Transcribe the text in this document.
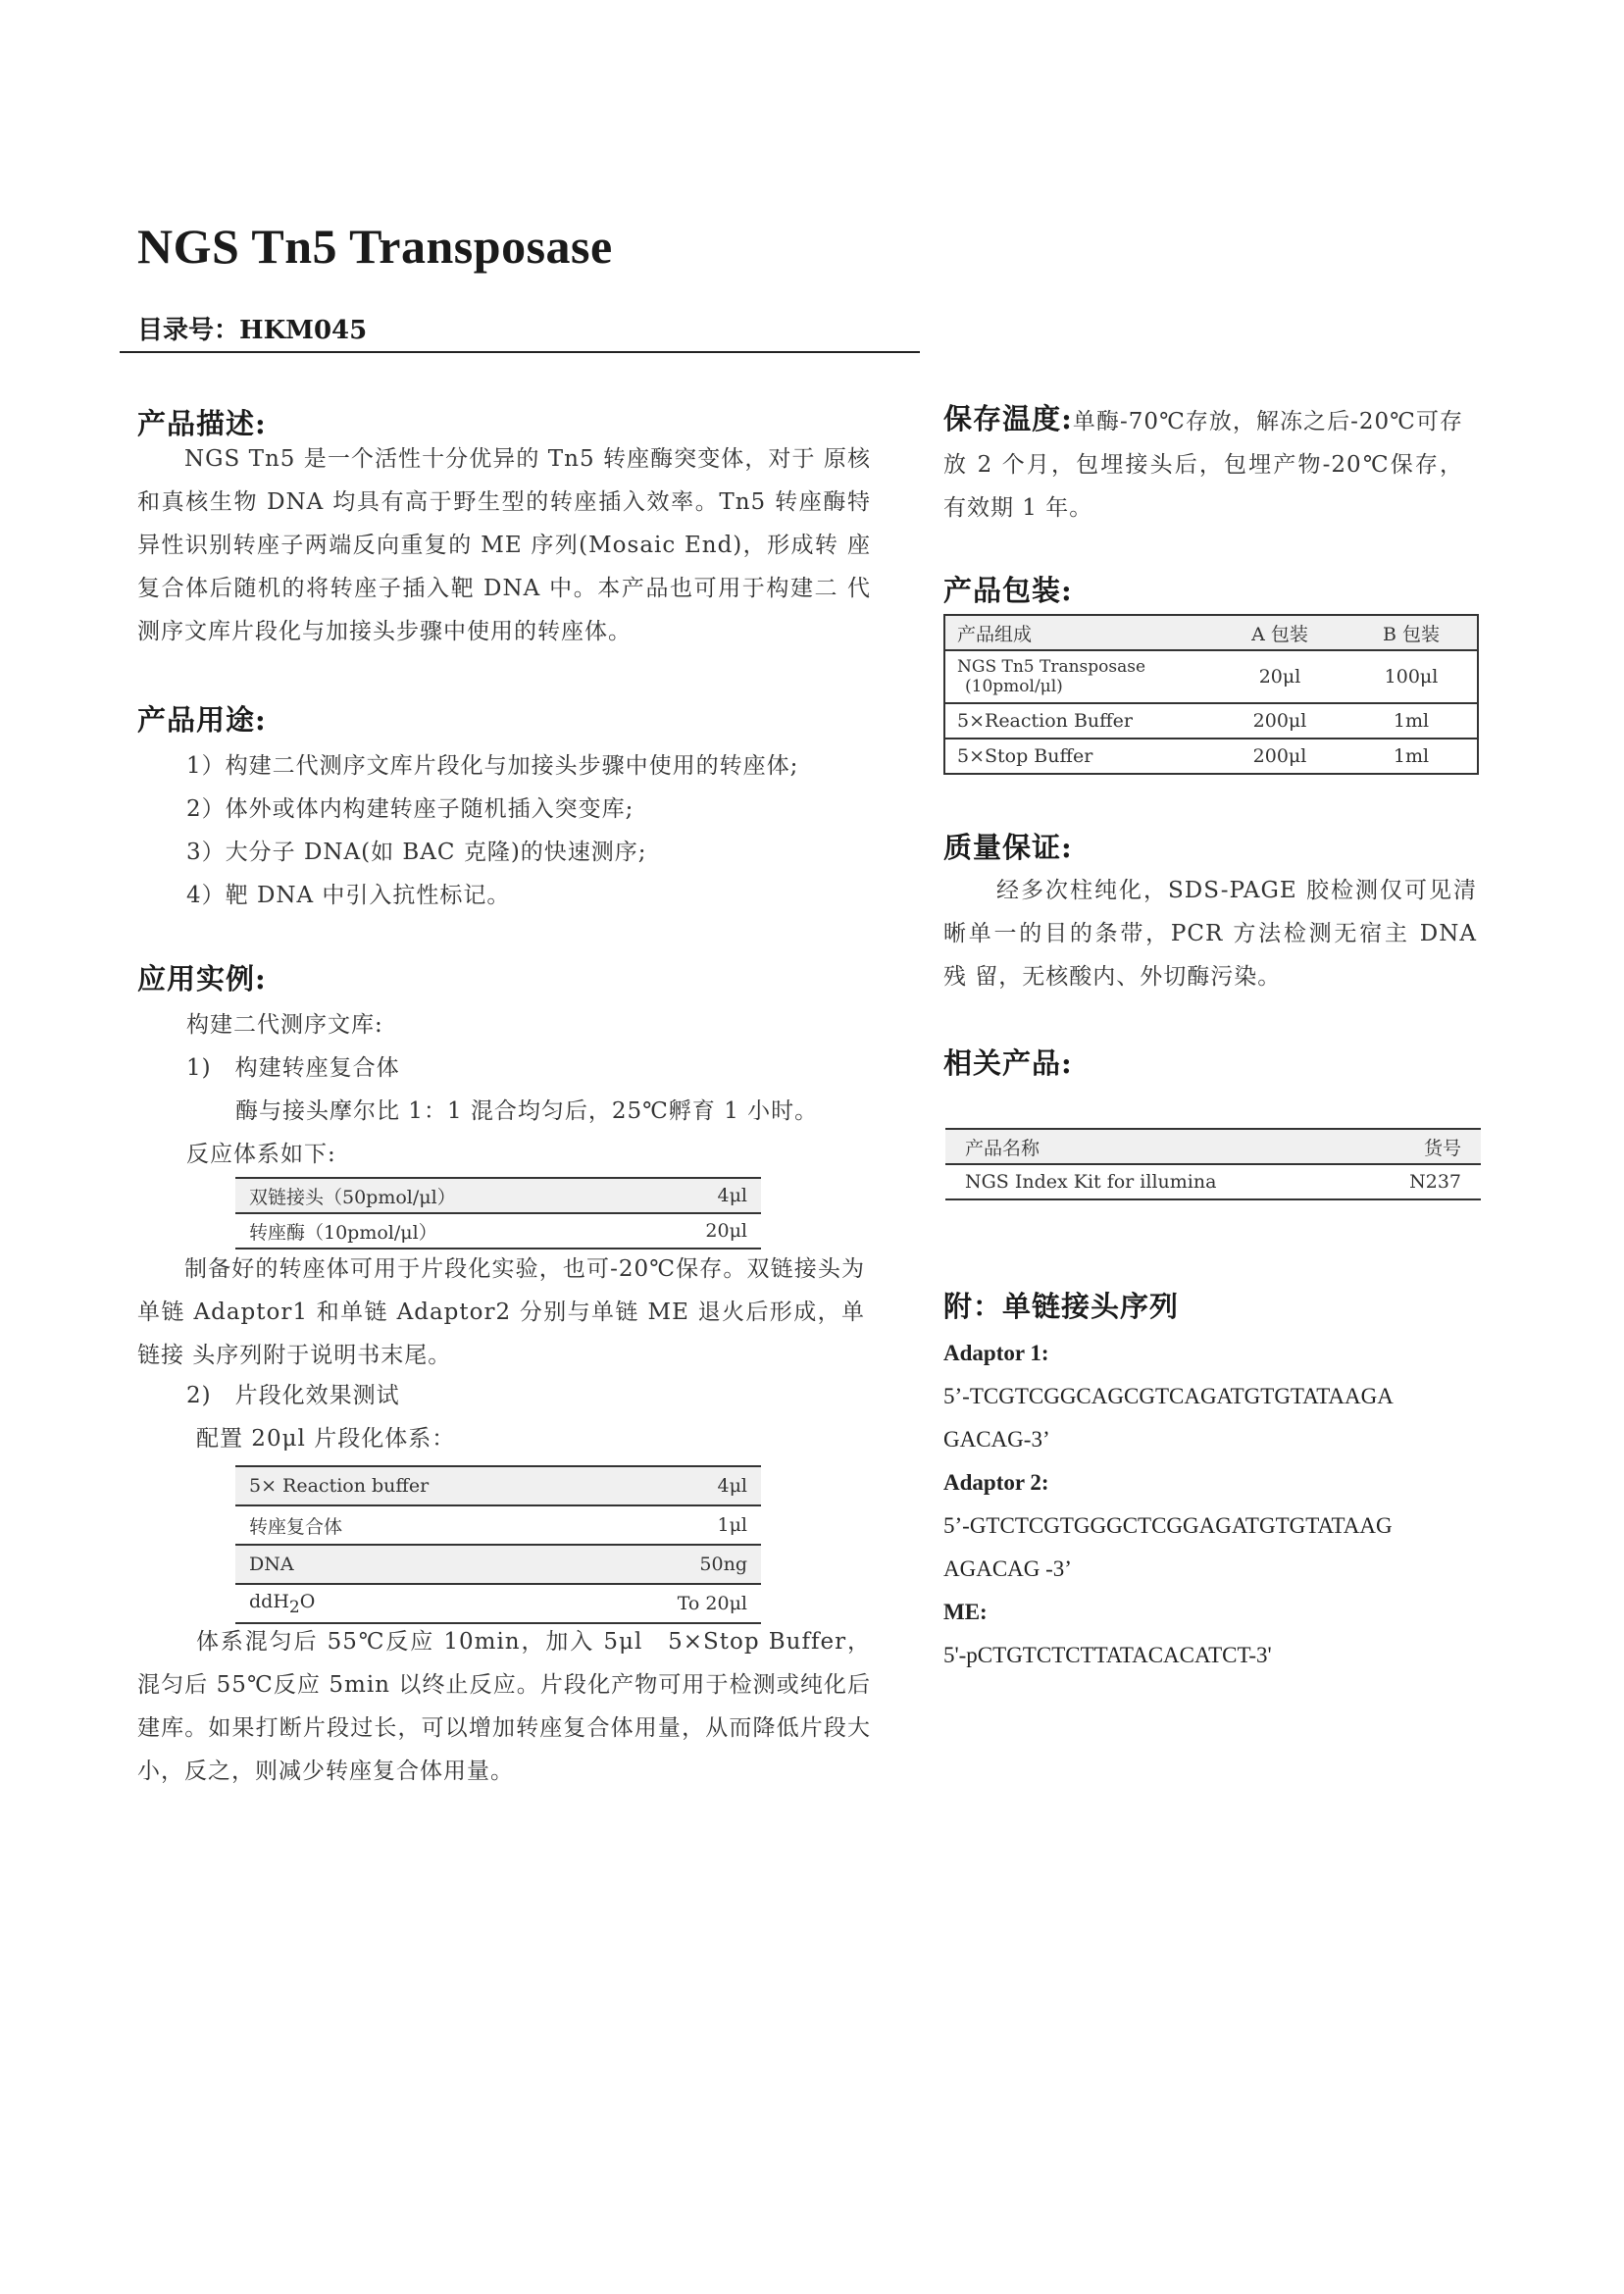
NGS Tn5 Transposase
目录号：HKM045
产品描述:
NGS Tn5 是一个活性十分优异的 Tn5 转座酶突变体，对于 原核和真核生物 DNA 均具有高于野生型的转座插入效率。Tn5 转座酶特异性识别转座子两端反向重复的 ME 序列(Mosaic End)，形成转 座复合体后随机的将转座子插入靶 DNA 中。本产品也可用于构建二 代测序文库片段化与加接头步骤中使用的转座体。
产品用途:
1）构建二代测序文库片段化与加接头步骤中使用的转座体;
2）体外或体内构建转座子随机插入突变库;
3）大分子 DNA(如 BAC 克隆)的快速测序;
4）靶 DNA 中引入抗性标记。
应用实例:
构建二代测序文库:
1)　构建转座复合体
酶与接头摩尔比 1：1 混合均匀后，25℃孵育 1 小时。
反应体系如下:
双链接头（50pmol/μl）	4μl
转座酶（10pmol/μl）	20μl
制备好的转座体可用于片段化实验，也可-20℃保存。双链接头为单链 Adaptor1 和单链 Adaptor2 分别与单链 ME 退火后形成，单链接 头序列附于说明书末尾。
2)　片段化效果测试
配置 20μl 片段化体系：
5× Reaction buffer	4μl
转座复合体	1μl
DNA	50ng
ddH$_2$O	To 20μl
体系混匀后 55℃反应 10min，加入 5μl　5×Stop Buffer，混匀后 55℃反应 5min 以终止反应。片段化产物可用于检测或纯化后建库。如果打断片段过长，可以增加转座复合体用量，从而降低片段大小，反之，则减少转座复合体用量。
保存温度:单酶-70℃存放，解冻之后-20℃可存放 2 个月，包埋接头后，包埋产物-20℃保存，有效期 1 年。
产品包装:
产品组成	A 包装	B 包装
NGS Tn5 Transposase
(10pmol/μl)	20μl	100μl
5×Reaction Buffer	200μl	1ml
5×Stop Buffer	200μl	1ml
质量保证:
经多次柱纯化，SDS-PAGE 胶检测仅可见清晰单一的目的条带，PCR 方法检测无宿主 DNA 残 留，无核酸内、外切酶污染。
相关产品:
产品名称	货号
NGS Index Kit for illumina	N237
附：单链接头序列
Adaptor 1:
5’-TCGTCGGCAGCGTCAGATGTGTATAAGA
GACAG-3’
Adaptor 2:
5’-GTCTCGTGGGCTCGGAGATGTGTATAAG
AGACAG -3’
ME:
5'-pCTGTCTCTTATACACATCT-3'
